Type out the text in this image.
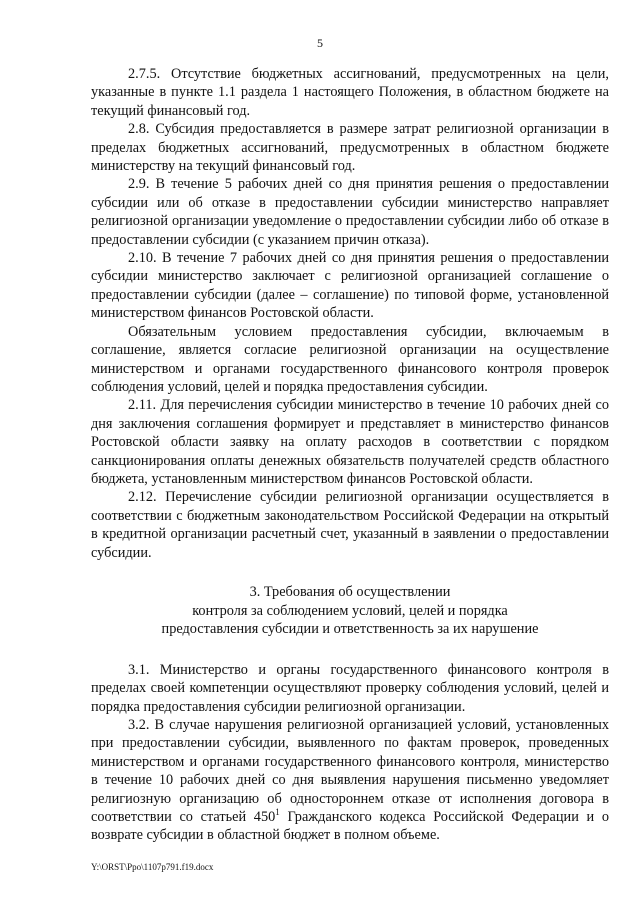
5

2.7.5. Отсутствие бюджетных ассигнований, предусмотренных на цели, указанные в пункте 1.1 раздела 1 настоящего Положения, в областном бюджете на текущий финансовый год.

2.8. Субсидия предоставляется в размере затрат религиозной организации в пределах бюджетных ассигнований, предусмотренных в областном бюджете министерству на текущий финансовый год.

2.9. В течение 5 рабочих дней со дня принятия решения о предоставлении субсидии или об отказе в предоставлении субсидии министерство направляет религиозной организации уведомление о предоставлении субсидии либо об отказе в предоставлении субсидии (с указанием причин отказа).

2.10. В течение 7 рабочих дней со дня принятия решения о предоставлении субсидии министерство заключает с религиозной организацией соглашение о предоставлении субсидии (далее – соглашение) по типовой форме, установленной министерством финансов Ростовской области.

Обязательным условием предоставления субсидии, включаемым в соглашение, является согласие религиозной организации на осуществление министерством и органами государственного финансового контроля проверок соблюдения условий, целей и порядка предоставления субсидии.

2.11. Для перечисления субсидии министерство в течение 10 рабочих дней со дня заключения соглашения формирует и представляет в министерство финансов Ростовской области заявку на оплату расходов в соответствии с порядком санкционирования оплаты денежных обязательств получателей средств областного бюджета, установленным министерством финансов Ростовской области.

2.12. Перечисление субсидии религиозной организации осуществляется в соответствии с бюджетным законодательством Российской Федерации на открытый в кредитной организации расчетный счет, указанный в заявлении о предоставлении субсидии.

3. Требования об осуществлении
контроля за соблюдением условий, целей и порядка
предоставления субсидии и ответственность за их нарушение

3.1. Министерство и органы государственного финансового контроля в пределах своей компетенции осуществляют проверку соблюдения условий, целей и порядка предоставления субсидии религиозной организации.

3.2. В случае нарушения религиозной организацией условий, установленных при предоставлении субсидии, выявленного по фактам проверок, проведенных министерством и органами государственного финансового контроля, министерство в течение 10 рабочих дней со дня выявления нарушения письменно уведомляет религиозную организацию об одностороннем отказе от исполнения договора в соответствии со статьей $450^1$ Гражданского кодекса Российской Федерации и о возврате субсидии в областной бюджет в полном объеме.

Y:\ORST\Ppo\1107p791.f19.docx
